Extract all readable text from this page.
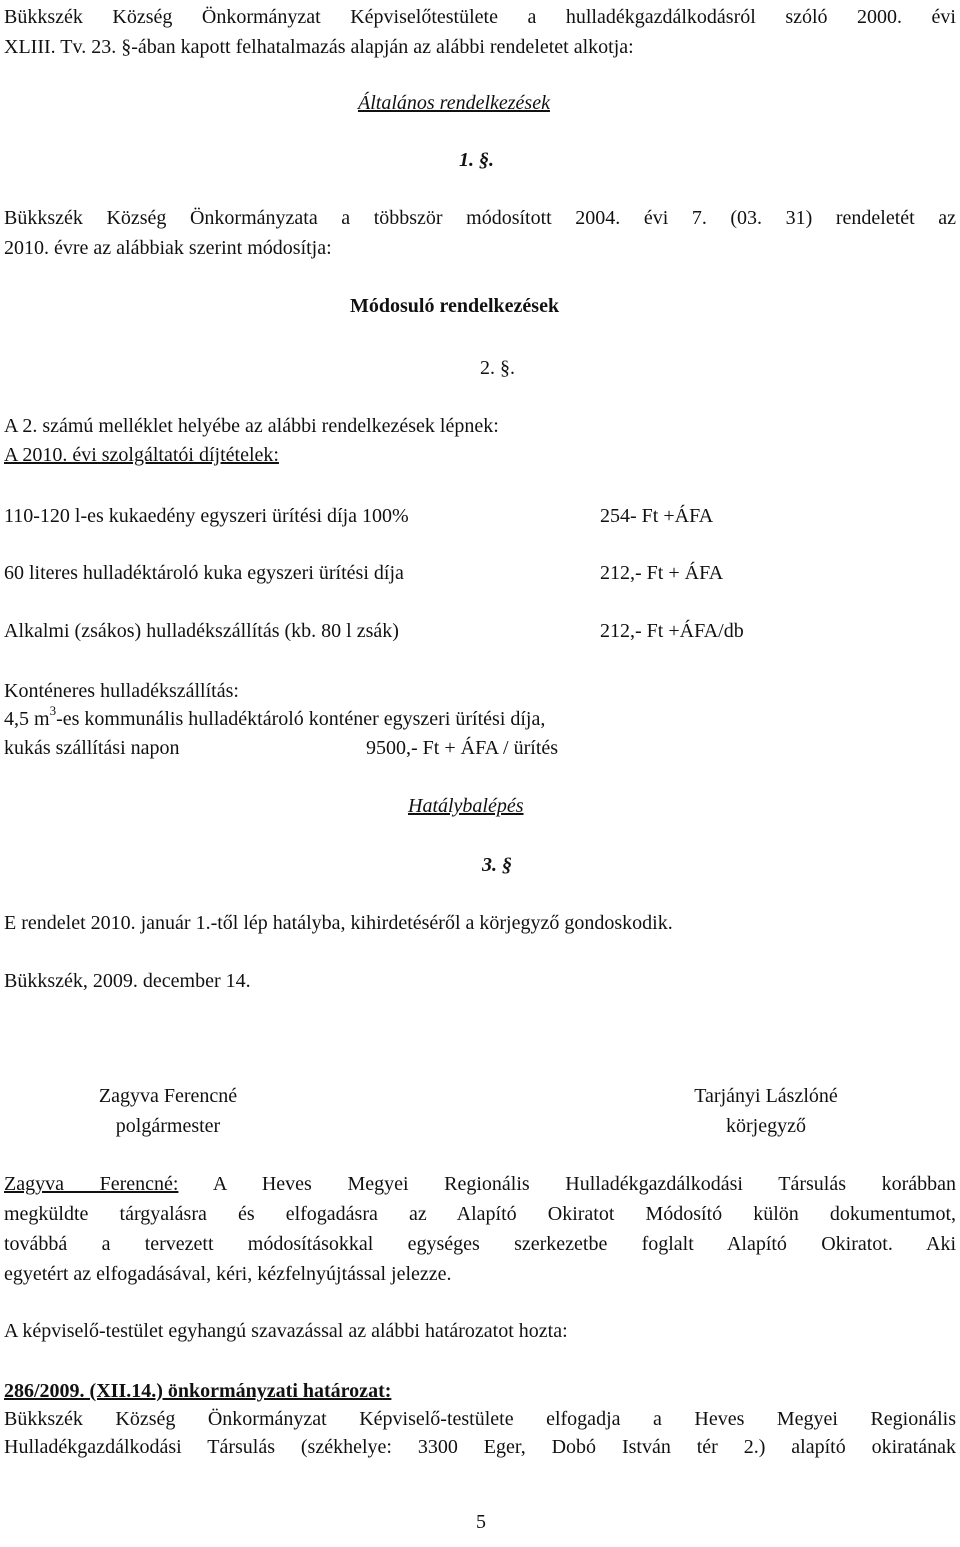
Bükkszék Község Önkormányzat Képviselőtestülete a hulladékgazdálkodásról szóló 2000. évi
XLIII. Tv. 23. §-ában kapott felhatalmazás alapján az alábbi rendeletet alkotja:
Általános rendelkezések
1. §.
Bükkszék Község Önkormányzata a többször módosított 2004. évi 7. (03. 31) rendeletét az
2010. évre az alábbiak szerint módosítja:
Módosuló rendelkezések
2. §.
A 2. számú melléklet helyébe az alábbi rendelkezések lépnek:
A 2010. évi szolgáltatói díjtételek:
110-120 l-es kukaedény egyszeri ürítési díja 100%	254- Ft +ÁFA
60 literes hulladéktároló kuka egyszeri ürítési díja	212,- Ft + ÁFA
Alkalmi (zsákos) hulladékszállítás (kb. 80 l zsák)	212,- Ft +ÁFA/db
Konténeres hulladékszállítás:
4,5 $m^3-es$ kommunális hulladéktároló konténer egyszeri ürítési díja,
kukás szállítási napon	9500,- Ft + ÁFA / ürítés
Hatálybalépés
3. §
E rendelet 2010. január 1.-től lép hatályba, kihirdetéséről a körjegyző gondoskodik.
Bükkszék, 2009. december 14.
Zagyva Ferencné
polgármester
Tarjányi Lászlóné
körjegyző
Zagyva Ferencné: A Heves Megyei Regionális Hulladékgazdálkodási Társulás korábban
megküldte tárgyalásra és elfogadásra az Alapító Okiratot Módosító külön dokumentumot,
továbbá a tervezett módosításokkal egységes szerkezetbe foglalt Alapító Okiratot. Aki
egyetért az elfogadásával, kéri, kézfelnyújtással jelezze.
A képviselő-testület egyhangú szavazással az alábbi határozatot hozta:
286/2009. (XII.14.) önkormányzati határozat:
Bükkszék Község Önkormányzat Képviselő-testülete elfogadja a Heves Megyei Regionális
Hulladékgazdálkodási Társulás (székhelye: 3300 Eger, Dobó István tér 2.) alapító okiratának
5
